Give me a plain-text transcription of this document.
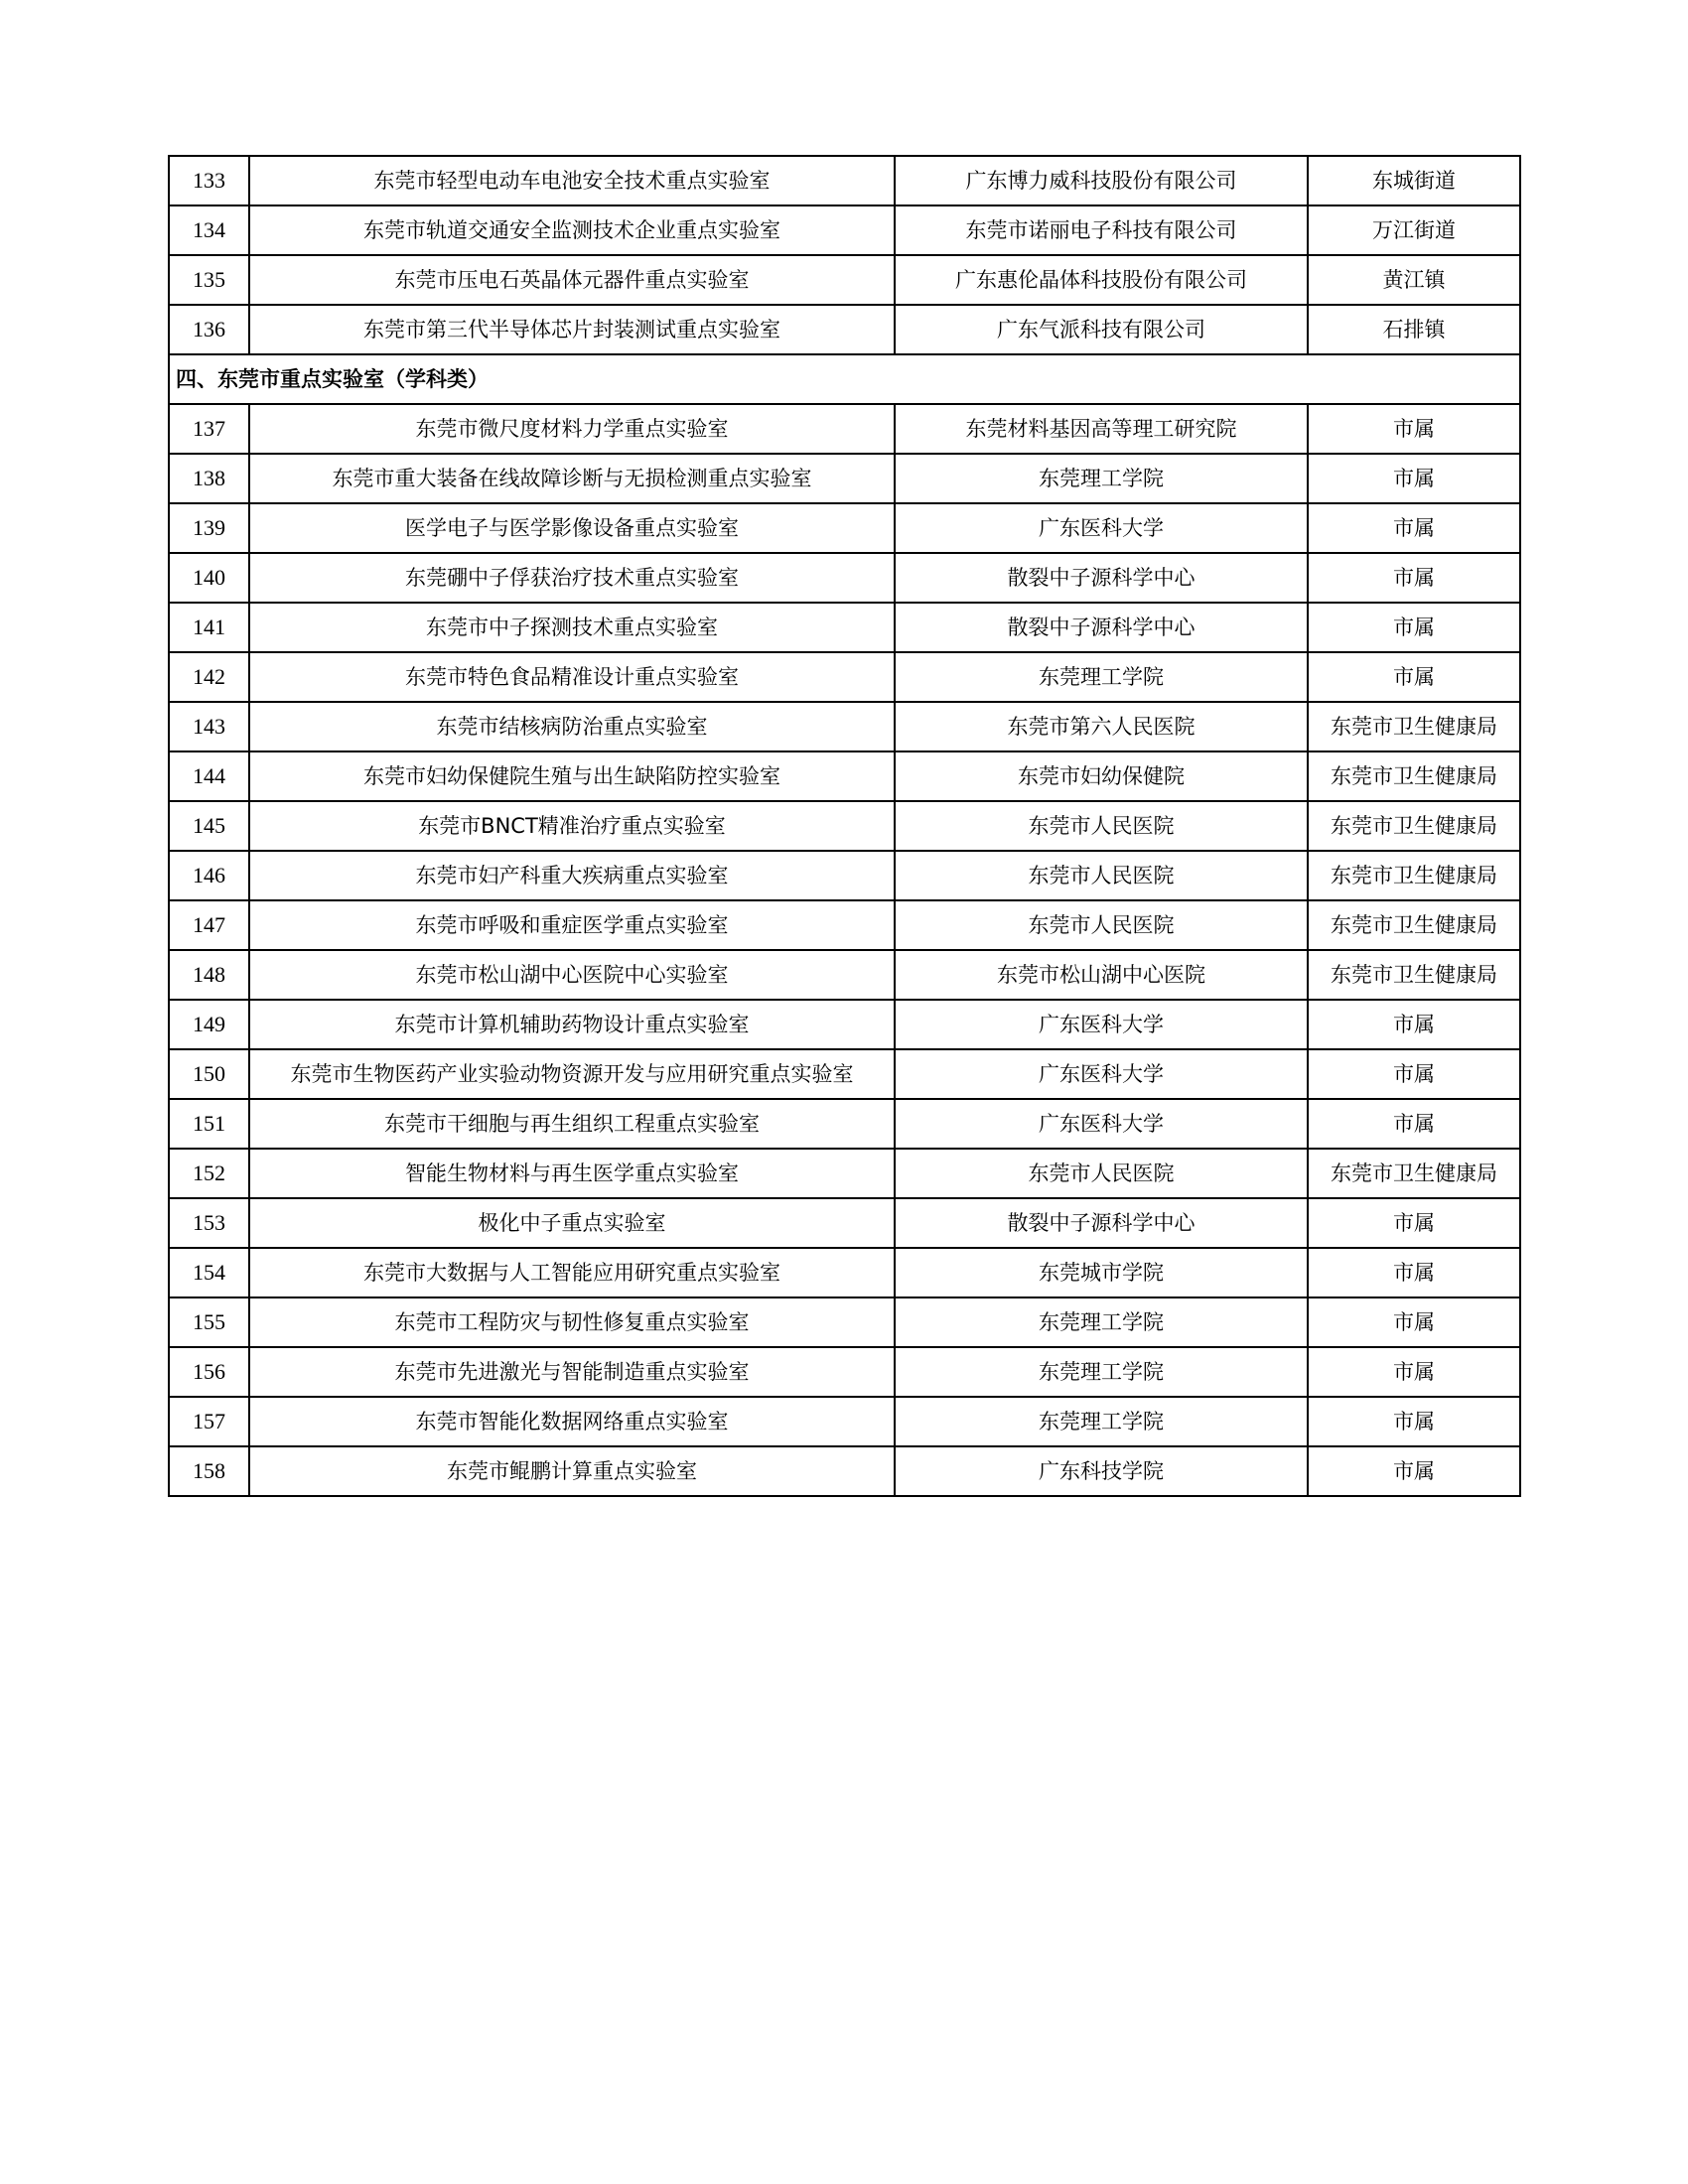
133	东莞市轻型电动车电池安全技术重点实验室	广东博力威科技股份有限公司	东城街道
134	东莞市轨道交通安全监测技术企业重点实验室	东莞市诺丽电子科技有限公司	万江街道
135	东莞市压电石英晶体元器件重点实验室	广东惠伦晶体科技股份有限公司	黄江镇
136	东莞市第三代半导体芯片封装测试重点实验室	广东气派科技有限公司	石排镇
四、东莞市重点实验室（学科类）			
137	东莞市微尺度材料力学重点实验室	东莞材料基因高等理工研究院	市属
138	东莞市重大装备在线故障诊断与无损检测重点实验室	东莞理工学院	市属
139	医学电子与医学影像设备重点实验室	广东医科大学	市属
140	东莞硼中子俘获治疗技术重点实验室	散裂中子源科学中心	市属
141	东莞市中子探测技术重点实验室	散裂中子源科学中心	市属
142	东莞市特色食品精准设计重点实验室	东莞理工学院	市属
143	东莞市结核病防治重点实验室	东莞市第六人民医院	东莞市卫生健康局
144	东莞市妇幼保健院生殖与出生缺陷防控实验室	东莞市妇幼保健院	东莞市卫生健康局
145	东莞市BNCT精准治疗重点实验室	东莞市人民医院	东莞市卫生健康局
146	东莞市妇产科重大疾病重点实验室	东莞市人民医院	东莞市卫生健康局
147	东莞市呼吸和重症医学重点实验室	东莞市人民医院	东莞市卫生健康局
148	东莞市松山湖中心医院中心实验室	东莞市松山湖中心医院	东莞市卫生健康局
149	东莞市计算机辅助药物设计重点实验室	广东医科大学	市属
150	东莞市生物医药产业实验动物资源开发与应用研究重点实验室	广东医科大学	市属
151	东莞市干细胞与再生组织工程重点实验室	广东医科大学	市属
152	智能生物材料与再生医学重点实验室	东莞市人民医院	东莞市卫生健康局
153	极化中子重点实验室	散裂中子源科学中心	市属
154	东莞市大数据与人工智能应用研究重点实验室	东莞城市学院	市属
155	东莞市工程防灾与韧性修复重点实验室	东莞理工学院	市属
156	东莞市先进激光与智能制造重点实验室	东莞理工学院	市属
157	东莞市智能化数据网络重点实验室	东莞理工学院	市属
158	东莞市鲲鹏计算重点实验室	广东科技学院	市属
